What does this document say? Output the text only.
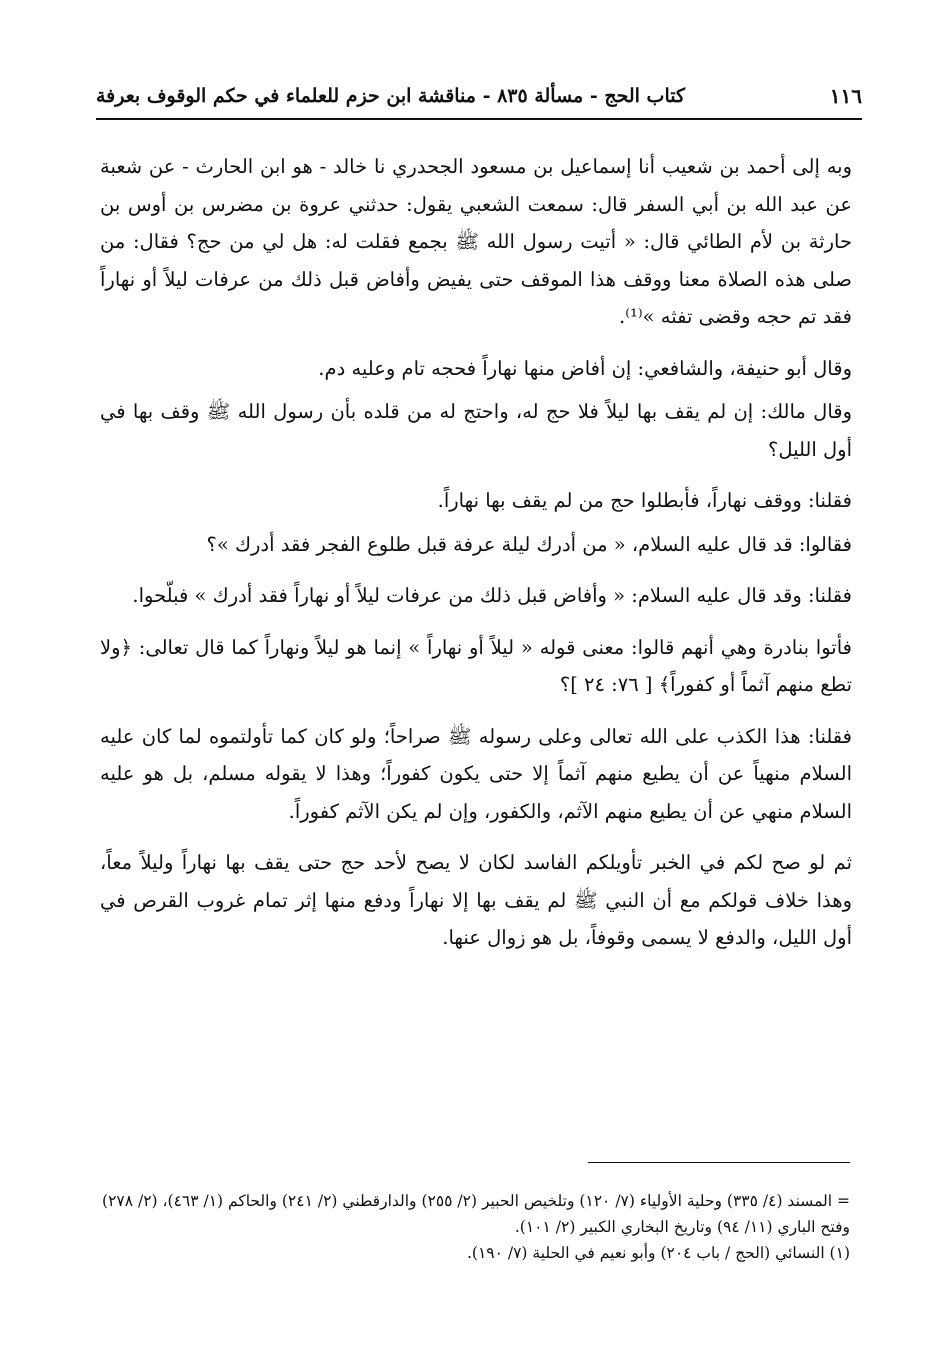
١١٦
كتاب الحج - مسألة ٨٣٥ - مناقشة ابن حزم للعلماء في حكم الوقوف بعرفة

وبه إلى أحمد بن شعيب أنا إسماعيل بن مسعود الجحدري نا خالد - هو ابن الحارث - عن شعبة عن عبد الله بن أبي السفر قال: سمعت الشعبي يقول: حدثني عروة بن مضرس بن أوس بن حارثة بن لأم الطائي قال: « أتيت رسول الله ﷺ بجمع فقلت له: هل لي من حج؟ فقال: من صلى هذه الصلاة معنا ووقف هذا الموقف حتى يفيض وأفاض قبل ذلك من عرفات ليلاً أو نهاراً فقد تم حجه وقضى تفثه »⁽¹⁾.

وقال أبو حنيفة، والشافعي: إن أفاض منها نهاراً فحجه تام وعليه دم.

وقال مالك: إن لم يقف بها ليلاً فلا حج له، واحتج له من قلده بأن رسول الله ﷺ وقف بها في أول الليل؟

فقلنا: ووقف نهاراً، فأبطلوا حج من لم يقف بها نهاراً.

فقالوا: قد قال عليه السلام، « من أدرك ليلة عرفة قبل طلوع الفجر فقد أدرك »؟

فقلنا: وقد قال عليه السلام: « وأفاض قبل ذلك من عرفات ليلاً أو نهاراً فقد أدرك » فبلّحوا.

فأتوا بنادرة وهي أنهم قالوا: معنى قوله « ليلاً أو نهاراً » إنما هو ليلاً ونهاراً كما قال تعالى: ﴿ولا تطع منهم آثماً أو كفوراً﴾ [ ٧٦: ٢٤ ]؟

فقلنا: هذا الكذب على الله تعالى وعلى رسوله ﷺ صراحاً؛ ولو كان كما تأولتموه لما كان عليه السلام منهياً عن أن يطيع منهم آثماً إلا حتى يكون كفوراً؛ وهذا لا يقوله مسلم، بل هو عليه السلام منهي عن أن يطيع منهم الآثم، والكفور، وإن لم يكن الآثم كفوراً.

ثم لو صح لكم في الخبر تأويلكم الفاسد لكان لا يصح لأحد حج حتى يقف بها نهاراً وليلاً معاً، وهذا خلاف قولكم مع أن النبي ﷺ لم يقف بها إلا نهاراً ودفع منها إثر تمام غروب القرص في أول الليل، والدفع لا يسمى وقوفاً، بل هو زوال عنها.

= المسند (٤/ ٣٣٥) وحلية الأولياء (٧/ ١٢٠) وتلخيص الحبير (٢/ ٢٥٥) والدارقطني (٢/ ٢٤١) والحاكم (١/ ٤٦٣)، (٢/ ٢٧٨) وفتح الباري (١١/ ٩٤) وتاريخ البخاري الكبير (٢/ ١٠١).

(١) النسائي (الحج / باب ٢٠٤) وأبو نعيم في الحلية (٧/ ١٩٠).
